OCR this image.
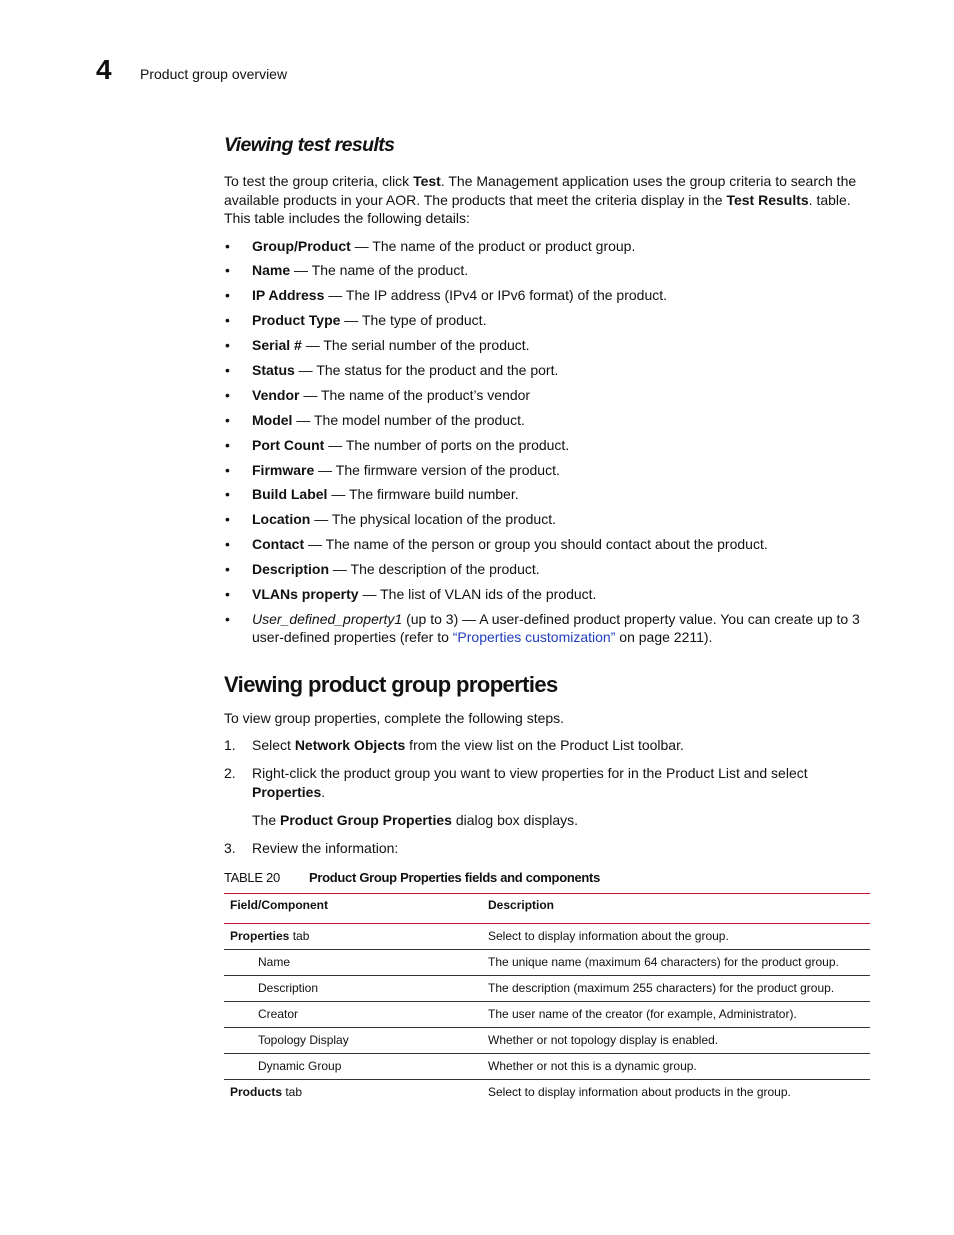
4 Product group overview
Viewing test results

To test the group criteria, click Test. The Management application uses the group criteria to search the available products in your AOR. The products that meet the criteria display in the Test Results. table. This table includes the following details:

• Group/Product — The name of the product or product group.
• Name — The name of the product.
• IP Address — The IP address (IPv4 or IPv6 format) of the product.
• Product Type — The type of product.
• Serial # — The serial number of the product.
• Status — The status for the product and the port.
• Vendor — The name of the product’s vendor
• Model — The model number of the product.
• Port Count — The number of ports on the product.
• Firmware — The firmware version of the product.
• Build Label — The firmware build number.
• Location — The physical location of the product.
• Contact — The name of the person or group you should contact about the product.
• Description — The description of the product.
• VLANs property — The list of VLAN ids of the product.
• User_defined_property1 (up to 3) — A user-defined product property value. You can create up to 3 user-defined properties (refer to “Properties customization” on page 2211).
Viewing product group properties

To view group properties, complete the following steps.

1. Select Network Objects from the view list on the Product List toolbar.
2. Right-click the product group you want to view properties for in the Product List and select Properties.

The Product Group Properties dialog box displays.

3. Review the information:
TABLE 20 Product Group Properties fields and components
Field/Component	Description
Properties tab	Select to display information about the group.
Name	The unique name (maximum 64 characters) for the product group.
Description	The description (maximum 255 characters) for the product group.
Creator	The user name of the creator (for example, Administrator).
Topology Display	Whether or not topology display is enabled.
Dynamic Group	Whether or not this is a dynamic group.
Products tab	Select to display information about products in the group.
